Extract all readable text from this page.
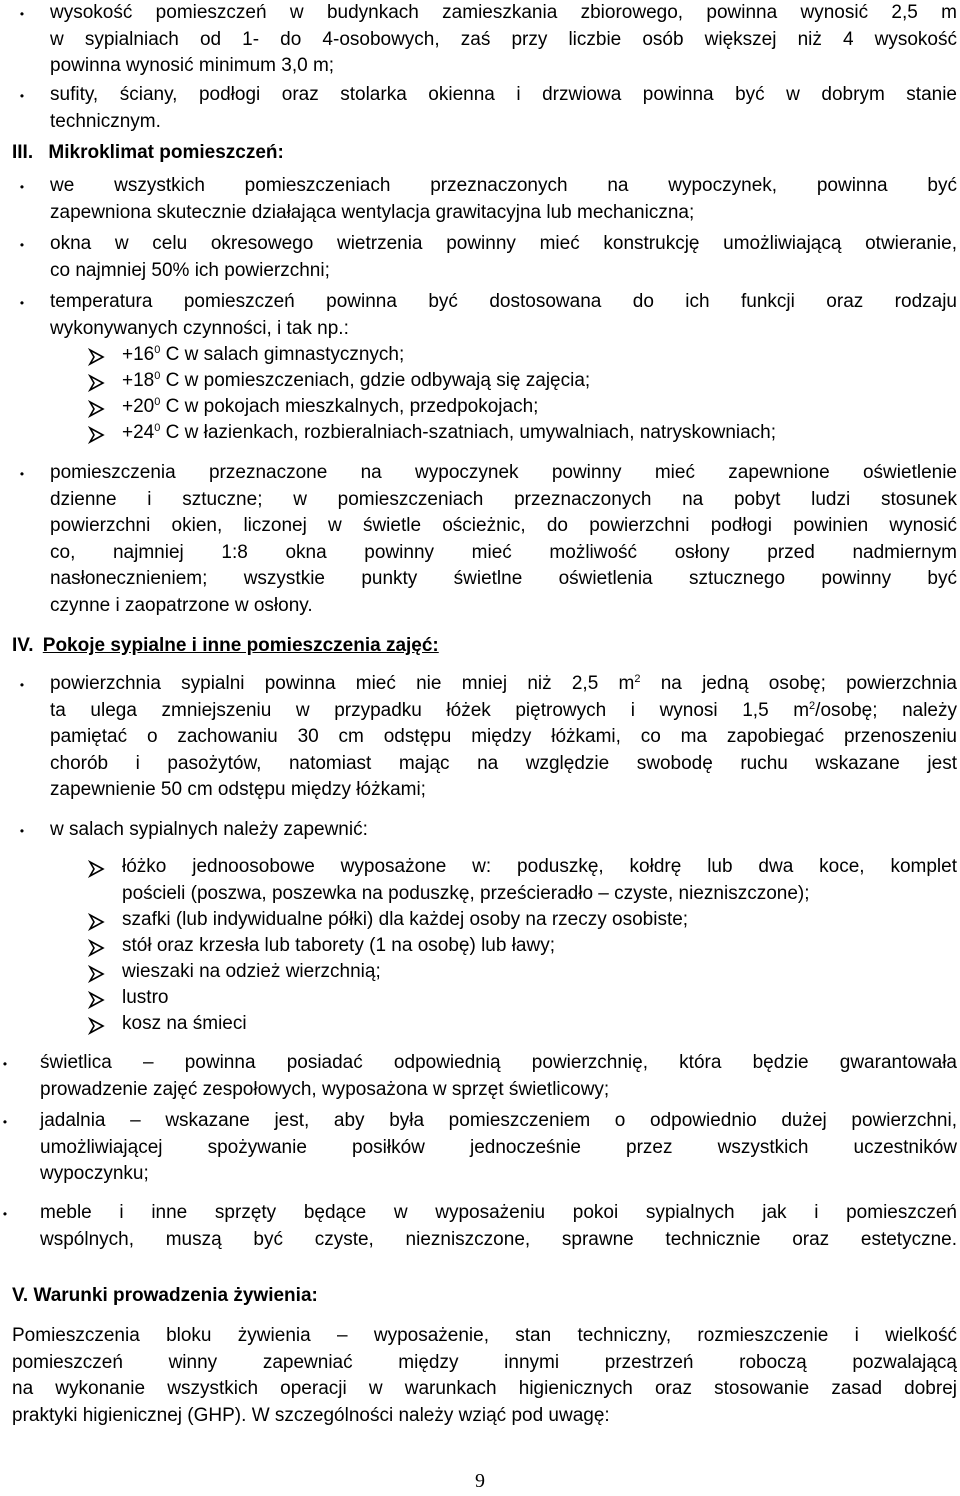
•

wysokość pomieszczeń w budynkach zamieszkania zbiorowego, powinna wynosić 2,5 m
w sypialniach od 1- do 4-osobowych, zaś przy liczbie osób większej niż 4 wysokość
powinna wynosić minimum 3,0 m;

•

sufity, ściany, podłogi oraz stolarka okienna i drzwiowa powinna być w dobrym stanie
technicznym.

III. Mikroklimat pomieszczeń:
•

we wszystkich pomieszczeniach przeznaczonych na wypoczynek, powinna być
zapewniona skutecznie działająca wentylacja grawitacyjna lub mechaniczna;

•

okna w celu okresowego wietrzenia powinny mieć konstrukcję umożliwiającą otwieranie,
co najmniej 50% ich powierzchni;

•

temperatura pomieszczeń powinna być dostosowana do ich funkcji oraz rodzaju
wykonywanych czynności, i tak np.:

$+16^0$ C w salach gimnastycznych;
$+18^0$ C w pomieszczeniach, gdzie odbywają się zajęcia;
$+20^0$ C w pokojach mieszkalnych, przedpokojach;
$+24^0$ C w łazienkach, rozbieralniach-szatniach, umywalniach, natryskowniach;
•

pomieszczenia przeznaczone na wypoczynek powinny mieć zapewnione oświetlenie
dzienne i sztuczne; w pomieszczeniach przeznaczonych na pobyt ludzi stosunek
powierzchni okien, liczonej w świetle ościeżnic, do powierzchni podłogi powinien wynosić
co, najmniej 1:8 okna powinny mieć możliwość osłony przed nadmiernym
nasłonecznieniem; wszystkie punkty świetlne oświetlenia sztucznego powinny być
czynne i zaopatrzone w osłony.

IV. Pokoje sypialne i inne pomieszczenia zajęć:
•

powierzchnia sypialni powinna mieć nie mniej niż 2,5 $m^2$ na jedną osobę; powierzchnia
ta ulega zmniejszeniu w przypadku łóżek piętrowych i wynosi 1,5 $m^2$/osobę; należy
pamiętać o zachowaniu 30 cm odstępu między łóżkami, co ma zapobiegać przenoszeniu
chorób i pasożytów, natomiast mając na względzie swobodę ruchu wskazane jest
zapewnienie 50 cm odstępu między łóżkami;

•
w salach sypialnych należy zapewnić:

łóżko jednoosobowe wyposażone w: poduszkę, kołdrę lub dwa koce, komplet
pościeli (poszwa, poszewka na poduszkę, prześcieradło – czyste, niezniszczone);

szafki (lub indywidualne półki) dla każdej osoby na rzeczy osobiste;
stół oraz krzesła lub taborety (1 na osobę) lub ławy;
wieszaki na odzież wierzchnią;
lustro
kosz na śmieci
•

świetlica – powinna posiadać odpowiednią powierzchnię, która będzie gwarantowała
prowadzenie zajęć zespołowych, wyposażona w sprzęt świetlicowy;

•

jadalnia – wskazane jest, aby była pomieszczeniem o odpowiednio dużej powierzchni,
umożliwiającej spożywanie posiłków jednocześnie przez wszystkich uczestników
wypoczynku;

•

meble i inne sprzęty będące w wyposażeniu pokoi sypialnych jak i pomieszczeń
wspólnych, muszą być czyste, niezniszczone, sprawne technicznie oraz estetyczne.

V. Warunki prowadzenia żywienia:

Pomieszczenia bloku żywienia – wyposażenie, stan techniczny, rozmieszczenie i wielkość
pomieszczeń winny zapewniać między innymi przestrzeń roboczą pozwalającą
na wykonanie wszystkich operacji w warunkach higienicznych oraz stosowanie zasad dobrej
praktyki higienicznej (GHP). W szczególności należy wziąć pod uwagę:

9
